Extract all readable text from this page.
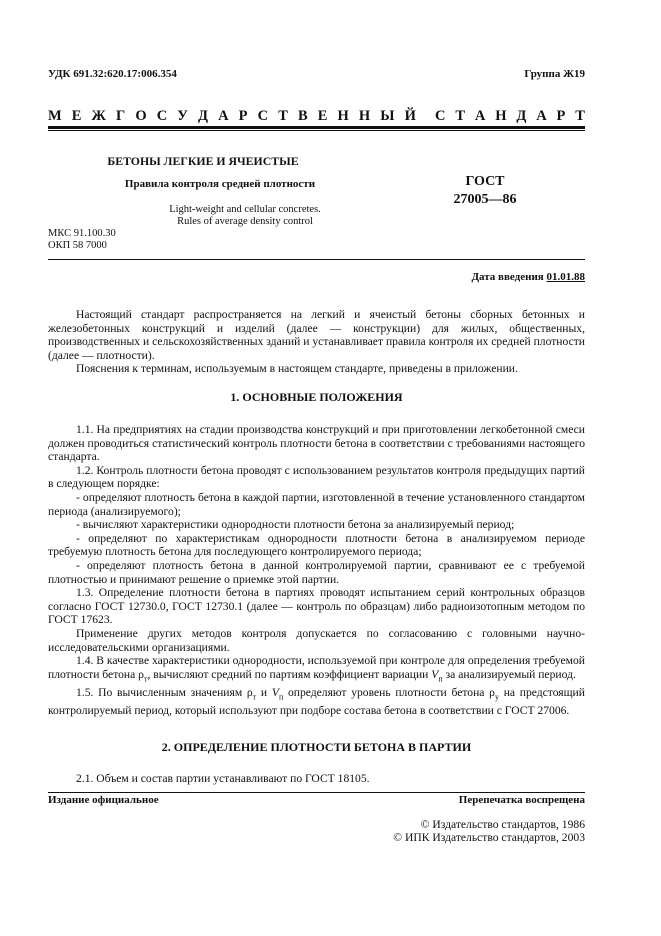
УДК 691.32:620.17:006.354	Группа Ж19
М Е Ж Г О С У Д А Р С Т В Е Н Н Ы Й С Т А Н Д А Р Т
БЕТОНЫ ЛЕГКИЕ И ЯЧЕИСТЫЕ
Правила контроля средней плотности
Light-weight and cellular concretes.
Rules of average density control
ГОСТ
27005—86
МКС 91.100.30
ОКП 58 7000
Дата введения 01.01.88
Настоящий стандарт распространяется на легкий и ячеистый бетоны сборных бетонных и железобетонных конструкций и изделий (далее — конструкции) для жилых, общественных, производственных и сельскохозяйственных зданий и устанавливает правила контроля их средней плотности (далее — плотности).
Пояснения к терминам, используемым в настоящем стандарте, приведены в приложении.
1. ОСНОВНЫЕ ПОЛОЖЕНИЯ
1.1. На предприятиях на стадии производства конструкций и при приготовлении легкобетонной смеси должен проводиться статистический контроль плотности бетона в соответствии с требованиями настоящего стандарта.
1.2. Контроль плотности бетона проводят с использованием результатов контроля предыдущих партий в следующем порядке:
- определяют плотность бетона в каждой партии, изготовленной в течение установленного стандартом периода (анализируемого);
- вычисляют характеристики однородности плотности бетона за анализируемый период;
- определяют по характеристикам однородности плотности бетона в анализируемом периоде требуемую плотность бетона для последующего контролируемого периода;
- определяют плотность бетона в данной контролируемой партии, сравнивают ее с требуемой плотностью и принимают решение о приемке этой партии.
1.3. Определение плотности бетона в партиях проводят испытанием серий контрольных образцов согласно ГОСТ 12730.0, ГОСТ 12730.1 (далее — контроль по образцам) либо радиоизотопным методом по ГОСТ 17623.
Применение других методов контроля допускается по согласованию с головными научно-исследовательскими организациями.
1.4. В качестве характеристики однородности, используемой при контроле для определения требуемой плотности бетона $\rho_т$, вычисляют средний по партиям коэффициент вариации $V_п$ за анализируемый период.
1.5. По вычисленным значениям $\rho_т$ и $V_п$ определяют уровень плотности бетона $\rho_у$ на предстоящий контролируемый период, который используют при подборе состава бетона в соответствии с ГОСТ 27006.
2. ОПРЕДЕЛЕНИЕ ПЛОТНОСТИ БЕТОНА В ПАРТИИ
2.1. Объем и состав партии устанавливают по ГОСТ 18105.
Издание официальное	Перепечатка воспрещена
© Издательство стандартов, 1986
© ИПК Издательство стандартов, 2003
